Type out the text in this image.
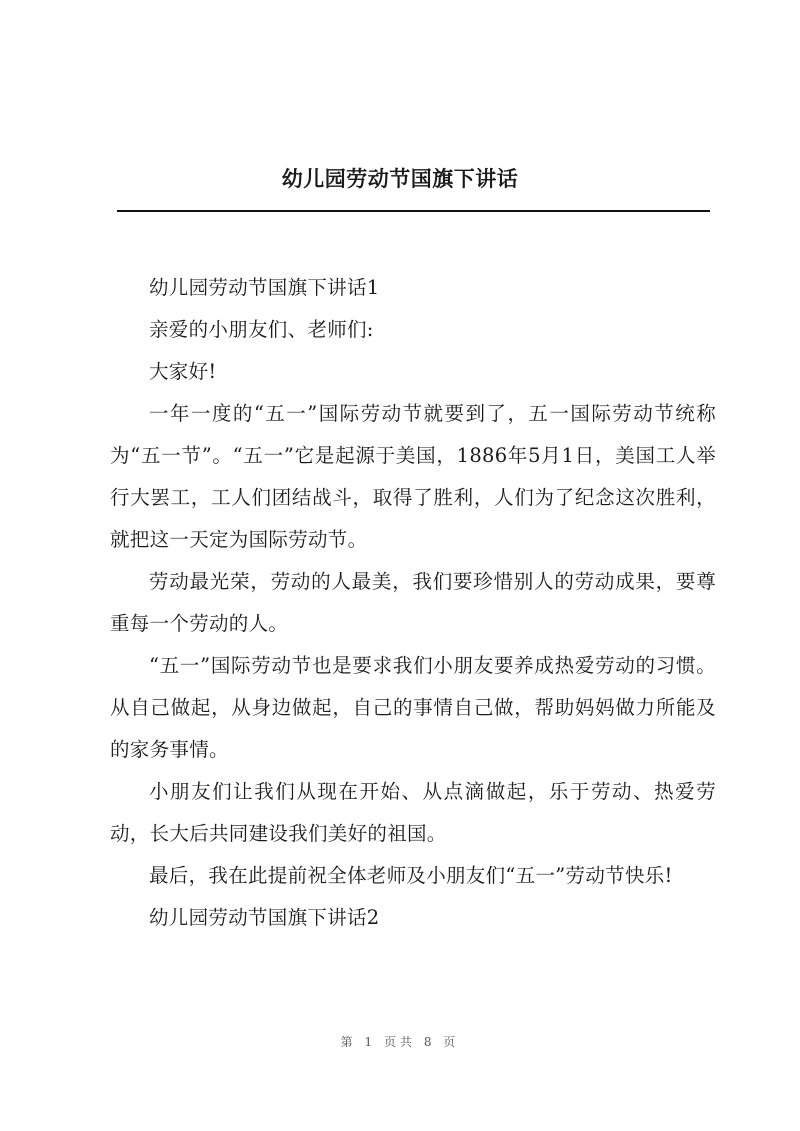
幼儿园劳动节国旗下讲话

幼儿园劳动节国旗下讲话1

亲爱的小朋友们、老师们:

大家好!

一年一度的“五一”国际劳动节就要到了，五一国际劳动节统称为“五一节”。“五一”它是起源于美国，1886年5月1日，美国工人举行大罢工，工人们团结战斗，取得了胜利，人们为了纪念这次胜利，就把这一天定为国际劳动节。

劳动最光荣，劳动的人最美，我们要珍惜别人的劳动成果，要尊重每一个劳动的人。

“五一”国际劳动节也是要求我们小朋友要养成热爱劳动的习惯。从自己做起，从身边做起，自己的事情自己做，帮助妈妈做力所能及的家务事情。

小朋友们让我们从现在开始、从点滴做起，乐于劳动、热爱劳动，长大后共同建设我们美好的祖国。

最后，我在此提前祝全体老师及小朋友们“五一”劳动节快乐!

幼儿园劳动节国旗下讲话2

第 1 页共 8 页
